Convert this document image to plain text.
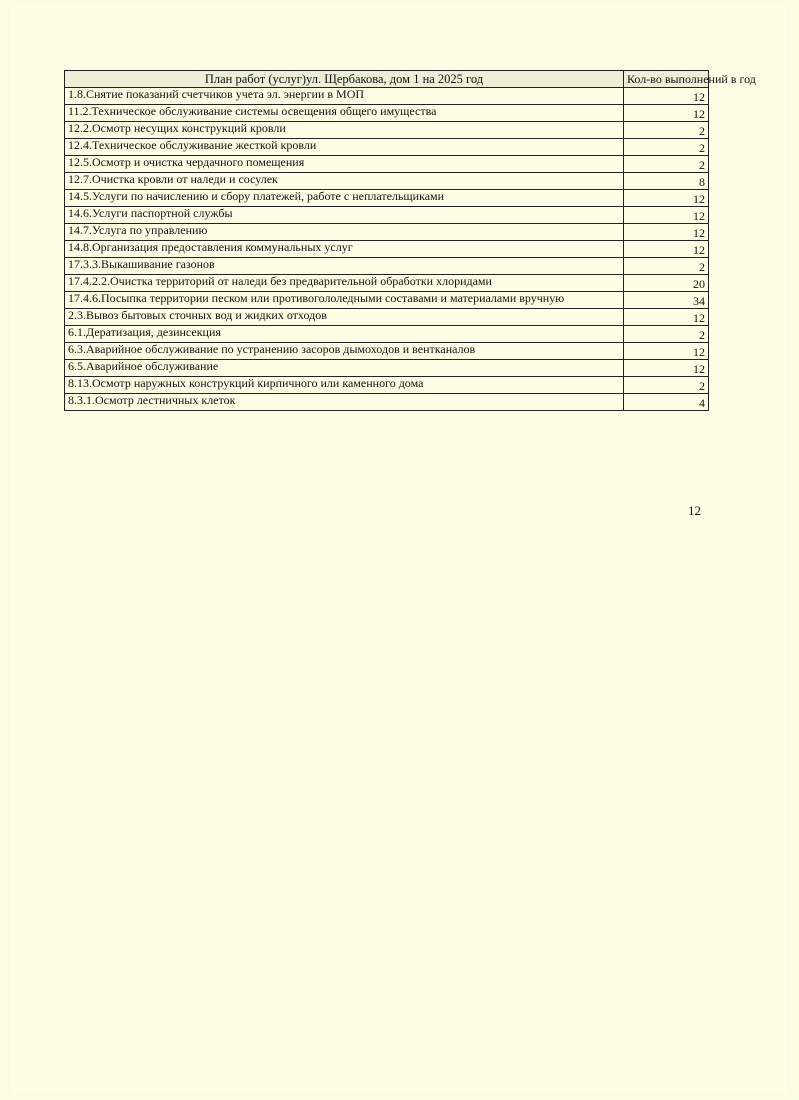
План работ (услуг)ул. Щербакова, дом 1 на 2025 год	Кол-во выполнений в год
1.8.Снятие показаний счетчиков учета эл. энергии в МОП	12
11.2.Техническое обслуживание системы освещения общего имущества	12
12.2.Осмотр несущих конструкций кровли	2
12.4.Техническое обслуживание жесткой кровли	2
12.5.Осмотр и очистка чердачного помещения	2
12.7.Очистка кровли от наледи и сосулек	8
14.5.Услуги по начислению и сбору платежей, работе с неплательщиками	12
14.6.Услуги паспортной службы	12
14.7.Услуга по управлению	12
14.8.Организация предоставления коммунальных услуг	12
17.3.3.Выкашивание газонов	2
17.4.2.2.Очистка территорий от наледи без предварительной обработки хлоридами	20
17.4.6.Посыпка территории песком или противогололедными составами и материалами вручную	34
2.3.Вывоз бытовых сточных вод и жидких отходов	12
6.1.Дератизация, дезинсекция	2
6.3.Аварийное обслуживание по устранению засоров дымоходов и вентканалов	12
6.5.Аварийное обслуживание	12
8.13.Осмотр наружных конструкций кирпичного или каменного дома	2
8.3.1.Осмотр лестничных клеток	4
12
